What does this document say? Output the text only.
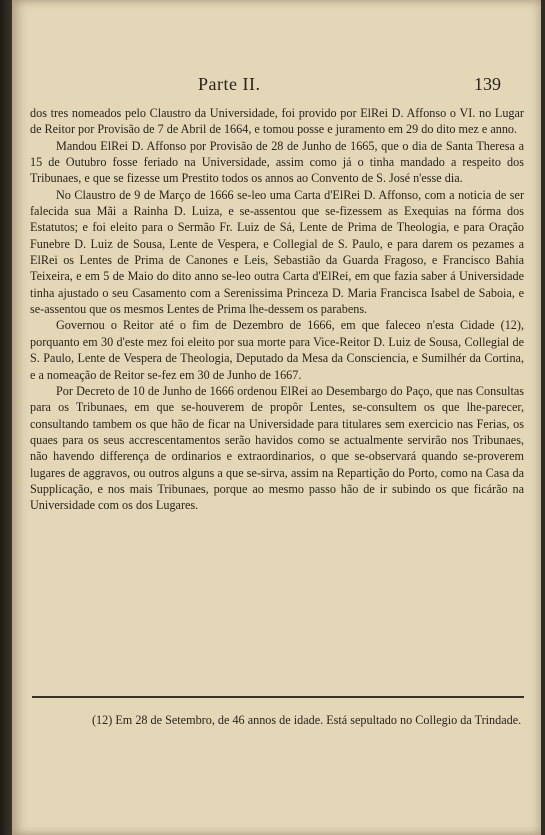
Parte II.	139

dos tres nomeados pelo Claustro da Universidade, foi provido por ElRei D. Affonso o VI. no Lugar de Reitor por Provisão de 7 de Abril de 1664, e tomou posse e juramento em 29 do dito mez e anno.

Mandou ElRei D. Affonso por Provisão de 28 de Junho de 1665, que o dia de Santa Theresa a 15 de Outubro fosse feriado na Universidade, assim como já o tinha mandado a respeito dos Tribunaes, e que se fizesse um Prestito todos os annos ao Convento de S. José n'esse dia.

No Claustro de 9 de Março de 1666 se-leo uma Carta d'ElRei D. Affonso, com a noticia de ser falecida sua Mãi a Rainha D. Luiza, e se-assentou que se-fizessem as Exequias na fórma dos Estatutos; e foi eleito para o Sermão Fr. Luiz de Sá, Lente de Prima de Theologia, e para Oração Funebre D. Luiz de Sousa, Lente de Vespera, e Collegial de S. Paulo, e para darem os pezames a ElRei os Lentes de Prima de Canones e Leis, Sebastião da Guarda Fragoso, e Francisco Bahia Teixeira, e em 5 de Maio do dito anno se-leo outra Carta d'ElRei, em que fazia saber á Universidade tinha ajustado o seu Casamento com a Serenissima Princeza D. Maria Francisca Isabel de Saboia, e se-assentou que os mesmos Lentes de Prima lhe-dessem os parabens.

Governou o Reitor até o fim de Dezembro de 1666, em que faleceo n'esta Cidade (12), porquanto em 30 d'este mez foi eleito por sua morte para Vice-Reitor D. Luiz de Sousa, Collegial de S. Paulo, Lente de Vespera de Theologia, Deputado da Mesa da Consciencia, e Sumilhér da Cortina, e a nomeação de Reitor se-fez em 30 de Junho de 1667.

Por Decreto de 10 de Junho de 1666 ordenou ElRei ao Desembargo do Paço, que nas Consultas para os Tribunaes, em que se-houverem de propôr Lentes, se-consultem os que lhe-parecer, consultando tambem os que hão de ficar na Universidade para titulares sem exercicio nas Ferias, os quaes para os seus accrescentamentos serão havidos como se actualmente servirão nos Tribunaes, não havendo differença de ordinarios e extraordinarios, o que se-observará quando se-proverem lugares de aggravos, ou outros alguns a que se-sirva, assim na Repartição do Porto, como na Casa da Supplicação, e nos mais Tribunaes, porque ao mesmo passo hão de ir subindo os que ficárão na Universidade com os dos Lugares.

(12) Em 28 de Setembro, de 46 annos de idade. Está sepultado no Collegio da Trindade.
